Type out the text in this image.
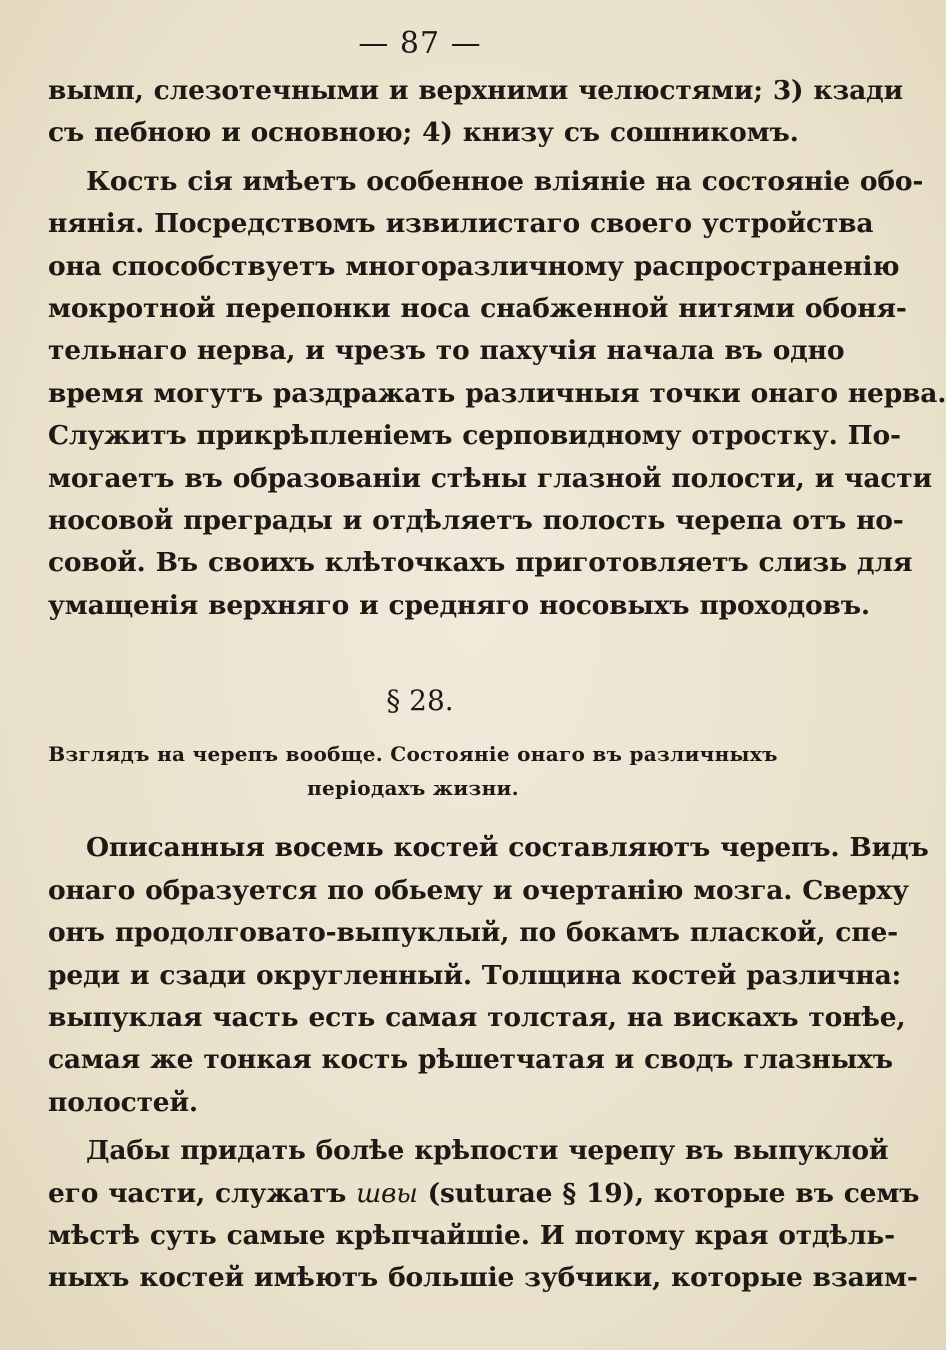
— 87 —

вымп, слезотечными и верхними челюстями; 3) кзади
съ пебною и основною; 4) книзу съ сошникомъ.

Кость сія имѣетъ особенное вліяніе на состояніе обо-
нянія. Посредствомъ извилистаго своего устройства
она способствуетъ многоразличному распространенію
мокротной перепонки носа снабженной нитями обоня-
тельнаго нерва, и чрезъ то пахучія начала въ одно
время могутъ раздражать различныя точки онаго нерва.
Служитъ прикрѣпленіемъ серповидному отростку. По-
могаетъ въ образованіи стѣны глазной полости, и части
носовой преграды и отдѣляетъ полость черепа отъ но-
совой. Въ своихъ клѣточкахъ приготовляетъ слизь для
умащенія верхняго и средняго носовыхъ проходовъ.

§ 28.
Взглядъ на черепъ вообще. Состояніе онаго въ различныхъ
періодахъ жизни.

Описанныя восемь костей составляютъ черепъ. Видъ
онаго образуется по обьему и очертанію мозга. Сверху
онъ продолговато-выпуклый, по бокамъ плаской, спе-
реди и сзади округленный. Толщина костей различна:
выпуклая часть есть самая толстая, на вискахъ тонѣе,
самая же тонкая кость рѣшетчатая и сводъ глазныхъ
полостей.

Дабы придать болѣе крѣпости черепу въ выпуклой
его части, служатъ швы (suturae § 19), которые въ семъ
мѣстѣ суть самые крѣпчайшіе. И потому края отдѣль-
ныхъ костей имѣютъ большіе зубчики, которые взаим-
